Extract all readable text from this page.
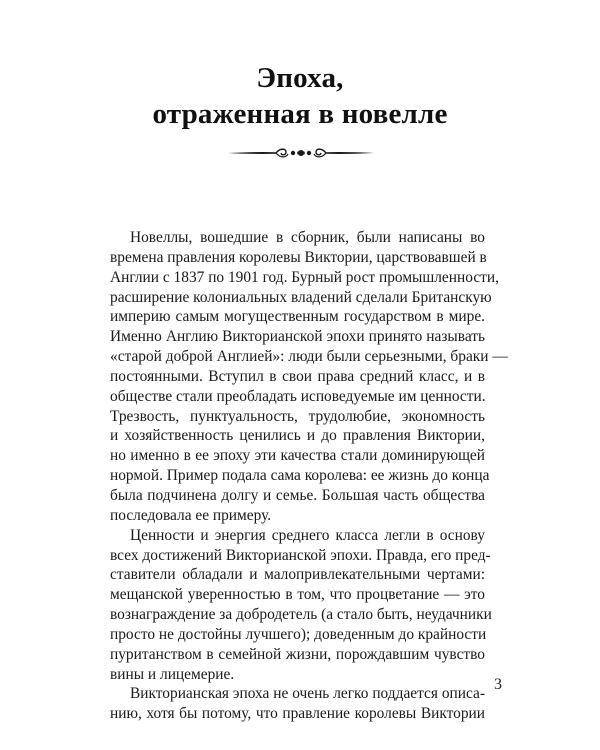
Эпоха,
отраженная в новелле
Новеллы, вошедшие в сборник, были написаны во
времена правления королевы Виктории, царствовавшей в
Англии с 1837 по 1901 год. Бурный рост промышленности,
расширение колониальных владений сделали Британскую
империю самым могущественным государством в мире.
Именно Англию Викторианской эпохи принято называть
«старой доброй Англией»: люди были серьезными, браки —
постоянными. Вступил в свои права средний класс, и в
обществе стали преобладать исповедуемые им ценности.
Трезвость, пунктуальность, трудолюбие, экономность
и хозяйственность ценились и до правления Виктории,
но именно в ее эпоху эти качества стали доминирующей
нормой. Пример подала сама королева: ее жизнь до конца
была подчинена долгу и семье. Большая часть общества
последовала ее примеру.
Ценности и энергия среднего класса легли в основу
всех достижений Викторианской эпохи. Правда, его пред-
ставители обладали и малопривлекательными чертами:
мещанской уверенностью в том, что процветание — это
вознаграждение за добродетель (а стало быть, неудачники
просто не достойны лучшего); доведенным до крайности
пуританством в семейной жизни, порождавшим чувство
вины и лицемерие.
Викторианская эпоха не очень легко поддается описа-
нию, хотя бы потому, что правление королевы Виктории
3
